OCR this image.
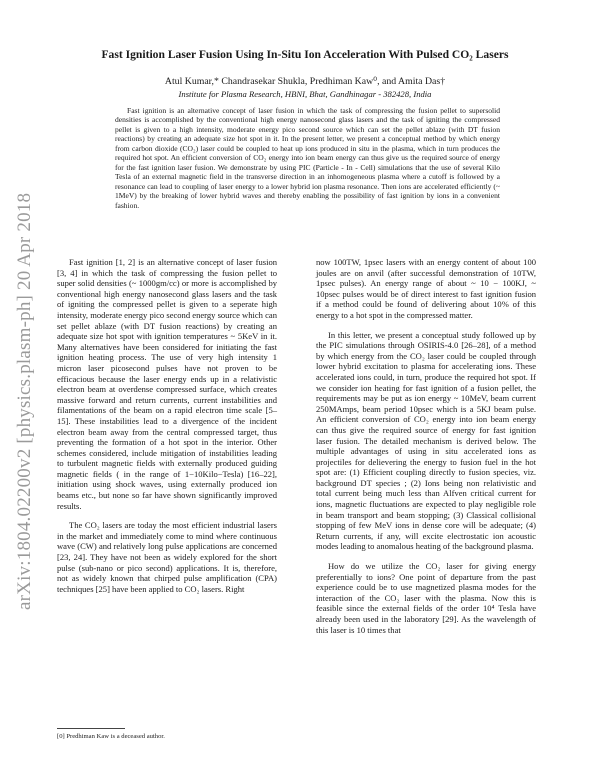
arXiv:1804.02200v2 [physics.plasm-ph] 20 Apr 2018
Fast Ignition Laser Fusion Using In-Situ Ion Acceleration With Pulsed CO₂ Lasers
Atul Kumar,* Chandrasekar Shukla, Predhiman Kaw⁰, and Amita Das†
Institute for Plasma Research, HBNI, Bhat, Gandhinagar - 382428, India
Fast ignition is an alternative concept of laser fusion in which the task of compressing the fusion pellet to supersolid densities is accomplished by the conventional high energy nanosecond glass lasers and the task of igniting the compressed pellet is given to a high intensity, moderate energy pico second source which can set the pellet ablaze (with DT fusion reactions) by creating an adequate size hot spot in it. In the present letter, we present a conceptual method by which energy from carbon dioxide (CO₂) laser could be coupled to heat up ions produced in situ in the plasma, which in turn produces the required hot spot. An efficient conversion of CO₂ energy into ion beam energy can thus give us the required source of energy for the fast ignition laser fusion. We demonstrate by using PIC (Particle - In - Cell) simulations that the use of several Kilo Tesla of an external magnetic field in the transverse direction in an inhomogeneous plasma where a cutoff is followed by a resonance can lead to coupling of laser energy to a lower hybrid ion plasma resonance. Then ions are accelerated efficiently (~ 1MeV) by the breaking of lower hybrid waves and thereby enabling the possibility of fast ignition by ions in a convenient fashion.

Fast ignition [1, 2] is an alternative concept of laser fusion [3, 4] in which the task of compressing the fusion pellet to super solid densities (~ 1000gm/cc) or more is accomplished by conventional high energy nanosecond glass lasers and the task of igniting the compressed pellet is given to a seperate high intensity, moderate energy pico second energy source which can set pellet ablaze (with DT fusion reactions) by creating an adequate size hot spot with ignition temperatures ~ 5KeV in it. Many alternatives have been considered for initiating the fast ignition heating process. The use of very high intensity 1 micron laser picosecond pulses have not proven to be efficacious because the laser energy ends up in a relativistic electron beam at overdense compressed surface, which creates massive forward and return currents, current instabilities and filamentations of the beam on a rapid electron time scale [5–15]. These instabilities lead to a divergence of the incident electron beam away from the central compressed target, thus preventing the formation of a hot spot in the interior. Other schemes considered, include mitigation of instabilities leading to turbulent magnetic fields with externally produced guiding magnetic fields ( in the range of 1−10Kilo−Tesla) [16–22], initiation using shock waves, using externally produced ion beams etc., but none so far have shown significantly improved results.

The CO₂ lasers are today the most efficient industrial lasers in the market and immediately come to mind where continuous wave (CW) and relatively long pulse applications are concerned [23, 24]. They have not been as widely explored for the short pulse (sub-nano or pico second) applications. It is, therefore, not as widely known that chirped pulse amplification (CPA) techniques [25] have been applied to CO₂ lasers. Right

now 100TW, 1psec lasers with an energy content of about 100 joules are on anvil (after successful demonstration of 10TW, 1psec pulses). An energy range of about ~ 10 − 100KJ, ~ 10psec pulses would be of direct interest to fast ignition fusion if a method could be found of delivering about 10% of this energy to a hot spot in the compressed matter.

In this letter, we present a conceptual study followed up by the PIC simulations through OSIRIS-4.0 [26–28], of a method by which energy from the CO₂ laser could be coupled through lower hybrid excitation to plasma for accelerating ions. These accelerated ions could, in turn, produce the required hot spot. If we consider ion heating for fast ignition of a fusion pellet, the requirements may be put as ion energy ~ 10MeV, beam current 250MAmps, beam period 10psec which is a 5KJ beam pulse. An efficient conversion of CO₂ energy into ion beam energy can thus give the required source of energy for fast ignition laser fusion. The detailed mechanism is derived below. The multiple advantages of using in situ accelerated ions as projectiles for delievering the energy to fusion fuel in the hot spot are: (1) Efficient coupling directly to fusion species, viz. background DT species ; (2) Ions being non relativistic and total current being much less than Alfven critical current for ions, magnetic fluctuations are expected to play negligible role in beam transport and beam stopping; (3) Classical collisional stopping of few MeV ions in dense core will be adequate; (4) Return currents, if any, will excite electrostatic ion acoustic modes leading to anomalous heating of the background plasma.

How do we utilize the CO₂ laser for giving energy preferentially to ions? One point of departure from the past experience could be to use magnetized plasma modes for the interaction of the CO₂ laser with the plasma. Now this is feasible since the external fields of the order 10⁴ Tesla have already been used in the laboratory [29]. As the wavelength of this laser is 10 times that

[0] Predhiman Kaw is a deceased author.
